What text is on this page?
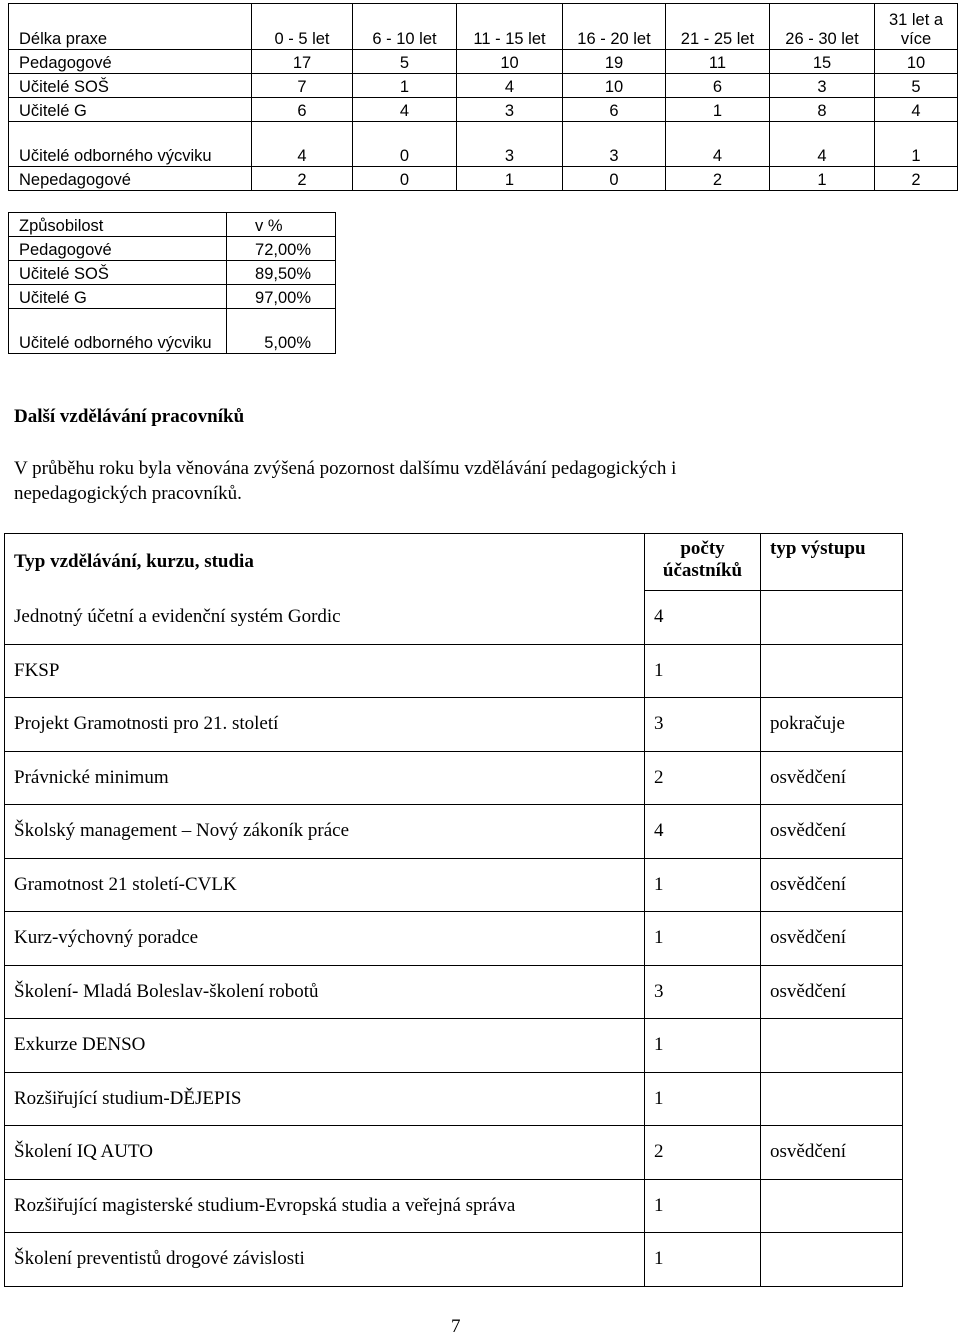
Délka praxe	0 - 5 let	6 - 10 let	11 - 15 let	16 - 20 let	21 - 25 let	26 - 30 let	31 let a více
Pedagogové	17	5	10	19	11	15	10
Učitelé SOŠ	7	1	4	10	6	3	5
Učitelé G	6	4	3	6	1	8	4
Učitelé odborného výcviku	4	0	3	3	4	4	1
Nepedagogové	2	0	1	0	2	1	2
Způsobilost	v %
Pedagogové	72,00%
Učitelé SOŠ	89,50%
Učitelé G	97,00%
Učitelé odborného výcviku	5,00%
Další vzdělávání pracovníků

V průběhu roku byla věnována zvýšená pozornost dalšímu vzdělávání pedagogických i nepedagogických pracovníků.

Typ vzdělávání, kurzu, studia	počty účastníků	typ výstupu
Jednotný účetní a evidenční systém Gordic	4	
FKSP	1	
Projekt Gramotnosti pro 21. století	3	pokračuje
Právnické minimum	2	osvědčení
Školský management – Nový zákoník práce	4	osvědčení
Gramotnost 21 století-CVLK	1	osvědčení
Kurz-výchovný poradce	1	osvědčení
Školení- Mladá Boleslav-školení robotů	3	osvědčení
Exkurze DENSO	1	
Rozšiřující studium-DĚJEPIS	1	
Školení IQ AUTO	2	osvědčení
Rozšiřující magisterské studium-Evropská studia a veřejná správa	1	
Školení preventistů drogové závislosti	1	
7
